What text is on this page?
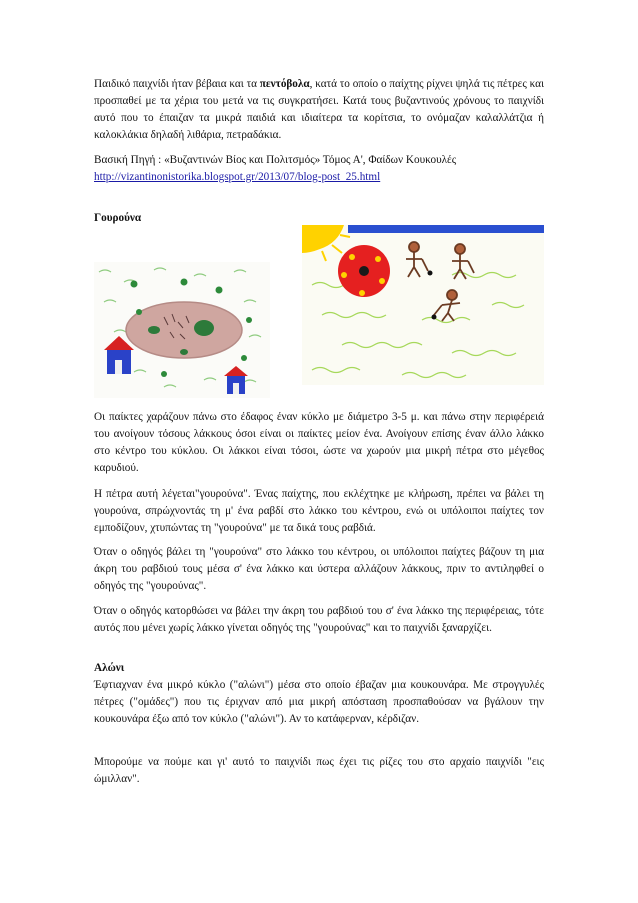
Παιδικό παιχνίδι ήταν βέβαια και τα πεντόβολα, κατά το οποίο ο παίχτης ρίχνει ψηλά τις πέτρες και προσπαθεί με τα χέρια του μετά να τις συγκρατήσει. Κατά τους βυζαντινούς χρόνους το παιχνίδι αυτό που το έπαιζαν τα μικρά παιδιά και ιδιαίτερα τα κορίτσια, το ονόμαζαν καλαλλάτζια ή καλοκλάκια δηλαδή λιθάρια, πετραδάκια.
Βασική Πηγή : «Βυζαντινών Βίος και Πολιτσμός» Τόμος Α', Φαίδων Κουκουλές
http://vizantinonistorika.blogspot.gr/2013/07/blog-post_25.html
Γουρούνα
Οι παίκτες χαράζουν πάνω στο έδαφος έναν κύκλο με διάμετρο 3-5 μ. και πάνω στην περιφέρειά του ανοίγουν τόσους λάκκους όσοι είναι οι παίκτες μείον ένα. Ανοίγουν επίσης έναν άλλο λάκκο στο κέντρο του κύκλου. Οι λάκκοι είναι τόσοι, ώστε να χωρούν μια μικρή πέτρα στο μέγεθος καρυδιού.
Η πέτρα αυτή λέγεται"γουρούνα". Ένας παίχτης, που εκλέχτηκε με κλήρωση, πρέπει να βάλει τη γουρούνα, σπρώχνοντάς τη μ' ένα ραβδί στο λάκκο του κέντρου, ενώ οι υπόλοιποι παίχτες τον εμποδίζουν, χτυπώντας τη "γουρούνα" με τα δικά τους ραβδιά.
Όταν ο οδηγός βάλει τη "γουρούνα" στο λάκκο του κέντρου, οι υπόλοιποι παίχτες βάζουν τη μια άκρη του ραβδιού τους μέσα σ' ένα λάκκο και ύστερα αλλάζουν λάκκους, πριν το αντιληφθεί ο οδηγός της "γουρούνας".
Όταν ο οδηγός κατορθώσει να βάλει την άκρη του ραβδιού του σ' ένα λάκκο της περιφέρειας, τότε αυτός που μένει χωρίς λάκκο γίνεται οδηγός της "γουρούνας" και το παιχνίδι ξαναρχίζει.
Αλώνι
Έφτιαχναν ένα μικρό κύκλο ("αλώνι") μέσα στο οποίο έβαζαν μια κουκουνάρα. Με στρογγυλές πέτρες ("ομάδες") που τις έριχναν από μια μικρή απόσταση προσπαθούσαν να βγάλουν την κουκουνάρα έξω από τον κύκλο ("αλώνι"). Αν το κατάφερναν, κέρδιζαν.
Μπορούμε να πούμε και γι' αυτό το παιχνίδι πως έχει τις ρίζες του στο αρχαίο παιχνίδι "εις ώμιλλαν".
